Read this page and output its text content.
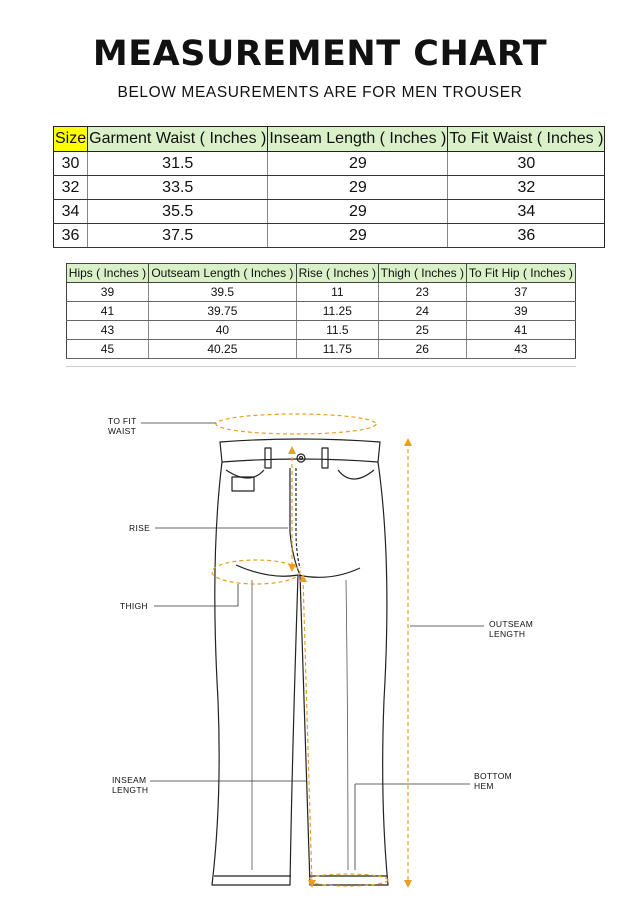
MEASUREMENT CHART
BELOW MEASUREMENTS ARE FOR MEN TROUSER
Size	Garment Waist ( Inches )	Inseam Length ( Inches )	To Fit Waist ( Inches )
30	31.5	29	30
32	33.5	29	32
34	35.5	29	34
36	37.5	29	36
Hips ( Inches )	Outseam Length ( Inches )	Rise ( Inches )	Thigh ( Inches )	To Fit Hip ( Inches )
39	39.5	11	23	37
41	39.75	11.25	24	39
43	40	11.5	25	41
45	40.25	11.75	26	43
TO FIT
WAIST
RISE
THIGH
INSEAM
LENGTH
OUTSEAM
LENGTH
BOTTOM
HEM
